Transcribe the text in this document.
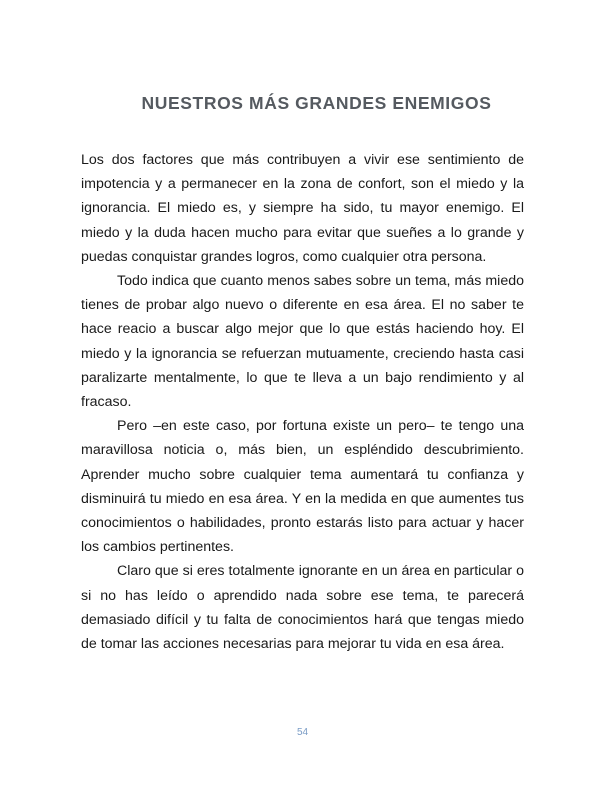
NUESTROS MÁS GRANDES ENEMIGOS

Los dos factores que más contribuyen a vivir ese sentimiento de impotencia y a permanecer en la zona de confort, son el miedo y la ignorancia. El miedo es, y siempre ha sido, tu mayor enemigo. El miedo y la duda hacen mucho para evitar que sueñes a lo grande y puedas conquistar grandes logros, como cualquier otra persona.

Todo indica que cuanto menos sabes sobre un tema, más miedo tienes de probar algo nuevo o diferente en esa área. El no saber te hace reacio a buscar algo mejor que lo que estás haciendo hoy. El miedo y la ignorancia se refuerzan mutuamente, creciendo hasta casi paralizarte mentalmente, lo que te lleva a un bajo rendimiento y al fracaso.

Pero –en este caso, por fortuna existe un pero– te tengo una maravillosa noticia o, más bien, un espléndido descubrimiento. Aprender mucho sobre cualquier tema aumentará tu confianza y disminuirá tu miedo en esa área. Y en la medida en que aumentes tus conocimientos o habilidades, pronto estarás listo para actuar y hacer los cambios pertinentes.

Claro que si eres totalmente ignorante en un área en particular o si no has leído o aprendido nada sobre ese tema, te parecerá demasiado difícil y tu falta de conocimientos hará que tengas miedo de tomar las acciones necesarias para mejorar tu vida en esa área.

54
